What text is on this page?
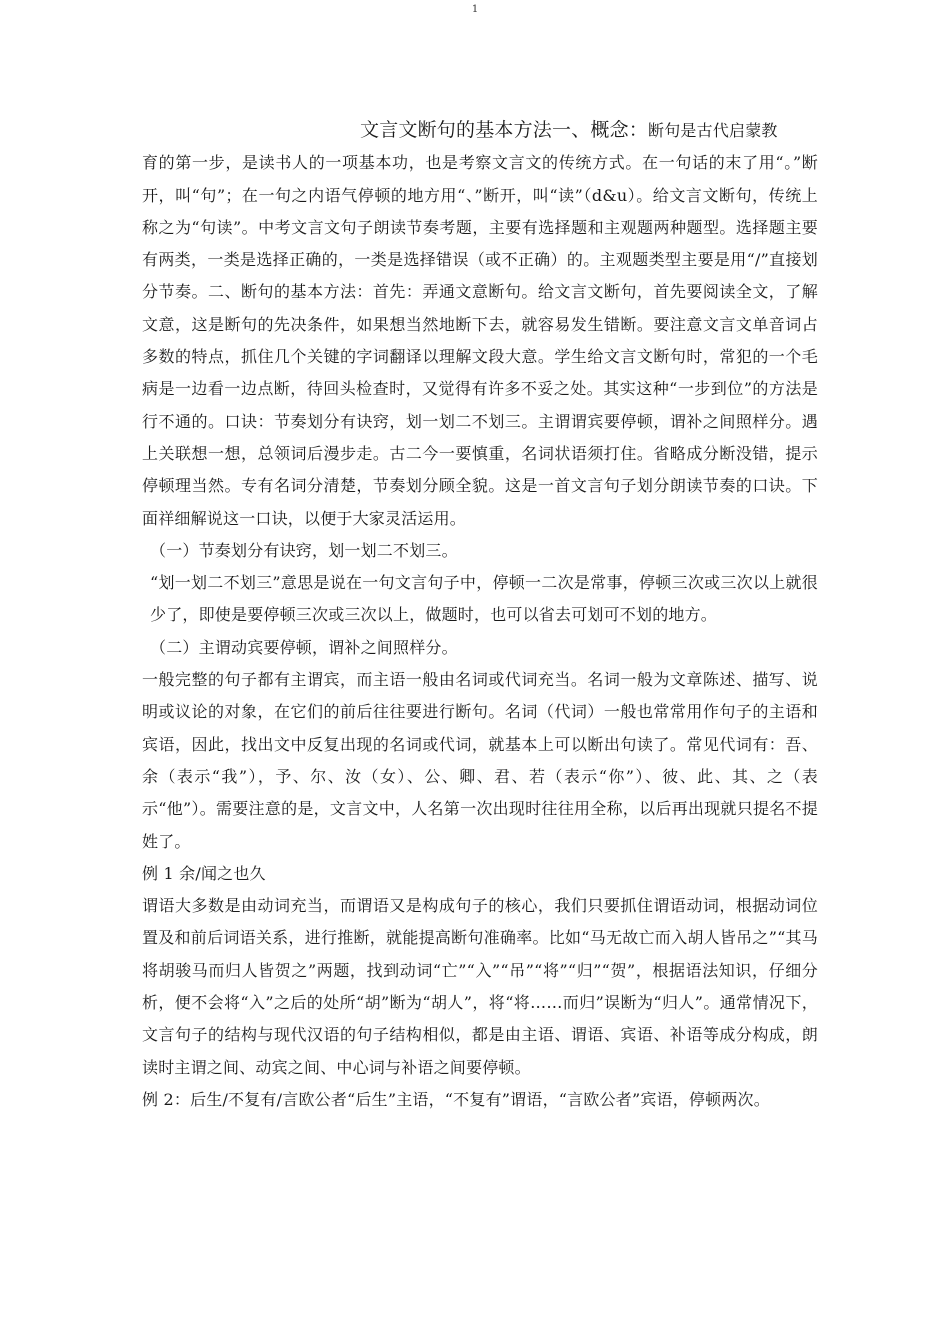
1

文言文断句的基本方法一、概念：断句是古代启蒙教

育的第一步，是读书人的一项基本功，也是考察文言文的传统方式。在一句话的末了用“。”断开，叫“句”；在一句之内语气停顿的地方用“、”断开，叫“读”（d&u）。给文言文断句，传统上称之为“句读”。中考文言文句子朗读节奏考题，主要有选择题和主观题两种题型。选择题主要有两类，一类是选择正确的，一类是选择错误（或不正确）的。主观题类型主要是用“/”直接划分节奏。二、断句的基本方法：首先：弄通文意断句。给文言文断句，首先要阅读全文，了解文意，这是断句的先决条件，如果想当然地断下去，就容易发生错断。要注意文言文单音词占多数的特点，抓住几个关键的字词翻译以理解文段大意。学生给文言文断句时，常犯的一个毛病是一边看一边点断，待回头检查时，又觉得有许多不妥之处。其实这种“一步到位”的方法是行不通的。口诀：节奏划分有诀窍，划一划二不划三。主谓谓宾要停顿，谓补之间照样分。遇上关联想一想，总领词后漫步走。古二今一要慎重，名词状语须打住。省略成分断没错，提示停顿理当然。专有名词分清楚，节奏划分顾全貌。这是一首文言句子划分朗读节奏的口诀。下面祥细解说这一口诀，以便于大家灵活运用。

（一）节奏划分有诀窍，划一划二不划三。

“划一划二不划三”意思是说在一句文言句子中，停顿一二次是常事，停顿三次或三次以上就很少了，即使是要停顿三次或三次以上，做题时，也可以省去可划可不划的地方。

（二）主谓动宾要停顿，谓补之间照样分。

一般完整的句子都有主谓宾，而主语一般由名词或代词充当。名词一般为文章陈述、描写、说明或议论的对象，在它们的前后往往要进行断句。名词（代词）一般也常常用作句子的主语和宾语，因此，找出文中反复出现的名词或代词，就基本上可以断出句读了。常见代词有：吾、余（表示“我”），予、尔、汝（女）、公、卿、君、若（表示“你”）、彼、此、其、之（表示“他”）。需要注意的是，文言文中，人名第一次出现时往往用全称，以后再出现就只提名不提姓了。

例 1 余/闻之也久

谓语大多数是由动词充当，而谓语又是构成句子的核心，我们只要抓住谓语动词，根据动词位置及和前后词语关系，进行推断，就能提高断句准确率。比如“马无故亡而入胡人皆吊之”“其马将胡骏马而归人皆贺之”两题，找到动词“亡”“入”“吊”“将”“归”“贺”，根据语法知识，仔细分析，便不会将“入”之后的处所“胡”断为“胡人”，将“将……而归”误断为“归人”。通常情况下，文言句子的结构与现代汉语的句子结构相似，都是由主语、谓语、宾语、补语等成分构成，朗读时主谓之间、动宾之间、中心词与补语之间要停顿。

例 2：后生/不复有/言欧公者“后生”主语，“不复有”谓语，“言欧公者”宾语，停顿两次。
